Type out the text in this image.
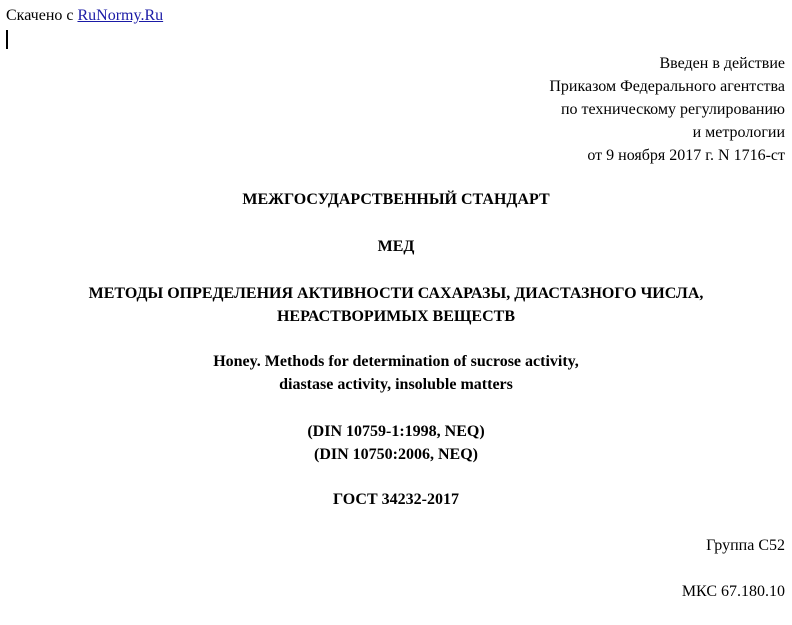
Скачено с RuNormy.Ru
Введен в действие
Приказом Федерального агентства
по техническому регулированию
и метрологии
от 9 ноября 2017 г. N 1716-ст
МЕЖГОСУДАРСТВЕННЫЙ СТАНДАРТ
МЕД
МЕТОДЫ ОПРЕДЕЛЕНИЯ АКТИВНОСТИ САХАРАЗЫ, ДИАСТАЗНОГО ЧИСЛА,
НЕРАСТВОРИМЫХ ВЕЩЕСТВ
Honey. Methods for determination of sucrose activity,
diastase activity, insoluble matters
(DIN 10759-1:1998, NEQ)
(DIN 10750:2006, NEQ)
ГОСТ 34232-2017
Группа С52
МКС 67.180.10
